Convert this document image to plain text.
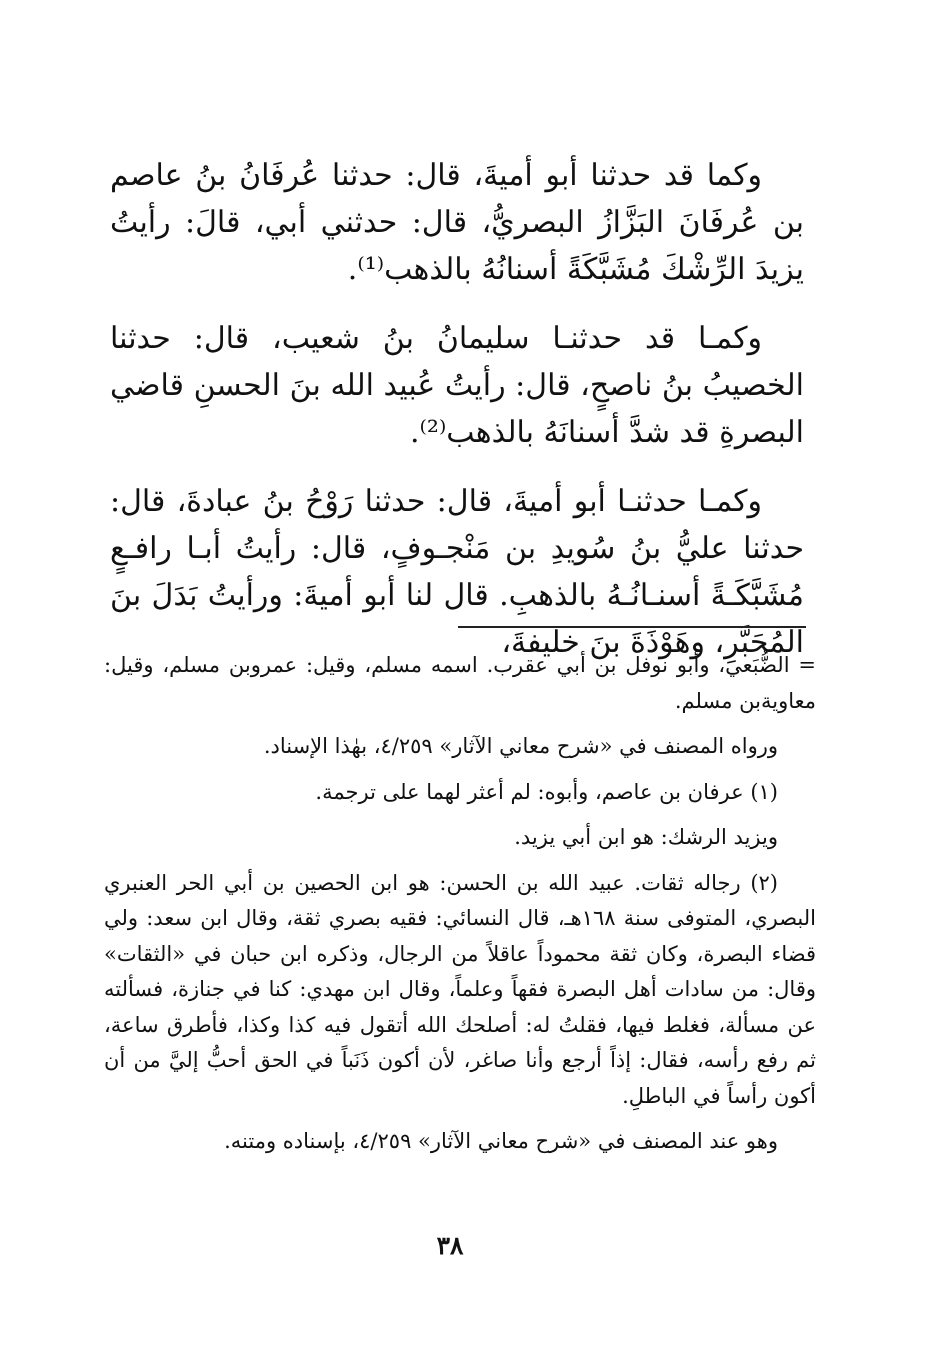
وكما قد حدثنا أبو أميةَ، قال: حدثنا عُرفَانُ بنُ عاصم بن عُرفَانَ البَزَّازُ البصريُّ، قال: حدثني أبي، قالَ: رأيتُ يزيدَ الرِّشْكَ مُشَبَّكَةً أسنانُهُ بالذهب⁽¹⁾.

وكمـا قد حدثنـا سليمانُ بنُ شعيب، قال: حدثنا الخصيبُ بنُ ناصحٍ، قال: رأيتُ عُبيد الله بنَ الحسنِ قاضي البصرةِ قد شدَّ أسنانَهُ بالذهب⁽²⁾.

وكمـا حدثنـا أبو أميةَ، قال: حدثنا رَوْحُ بنُ عبادةَ، قال: حدثنا عليُّ بنُ سُويدِ بن مَنْجـوفٍ، قال: رأيتُ أبـا رافـعٍ مُشَبَّكَـةً أسنـانُـهُ بالذهبِ. قال لنا أبو أميةَ: ورأيتُ بَدَلَ بنَ المُحَبَّرِ، وهَوْذَةَ بنَ خليفةَ،

= الضُّبَعي، وأبو نوفل بن أبي عقرب. اسمه مسلم، وقيل: عمروبن مسلم، وقيل: معاويةبن مسلم.

ورواه المصنف في «شرح معاني الآثار» ٤/٢٥٩، بهٰذا الإسناد.

(١) عرفان بن عاصم، وأبوه: لم أعثر لهما على ترجمة.

ويزيد الرشك: هو ابن أبي يزيد.

(٢) رجاله ثقات. عبيد الله بن الحسن: هو ابن الحصين بن أبي الحر العنبري البصري، المتوفى سنة ١٦٨هـ، قال النسائي: فقيه بصري ثقة، وقال ابن سعد: ولي قضاء البصرة، وكان ثقة محموداً عاقلاً من الرجال، وذكره ابن حبان في «الثقات» وقال: من سادات أهل البصرة فقهاً وعلماً، وقال ابن مهدي: كنا في جنازة، فسألته عن مسألة، فغلط فيها، فقلتُ له: أصلحك الله أتقول فيه كذا وكذا، فأطرق ساعة، ثم رفع رأسه، فقال: إذاً أرجع وأنا صاغر، لأن أكون ذَنَباً في الحق أحبُّ إليَّ من أن أكون رأساً في الباطلِ.

وهو عند المصنف في «شرح معاني الآثار» ٤/٢٥٩، بإسناده ومتنه.

٣٨
